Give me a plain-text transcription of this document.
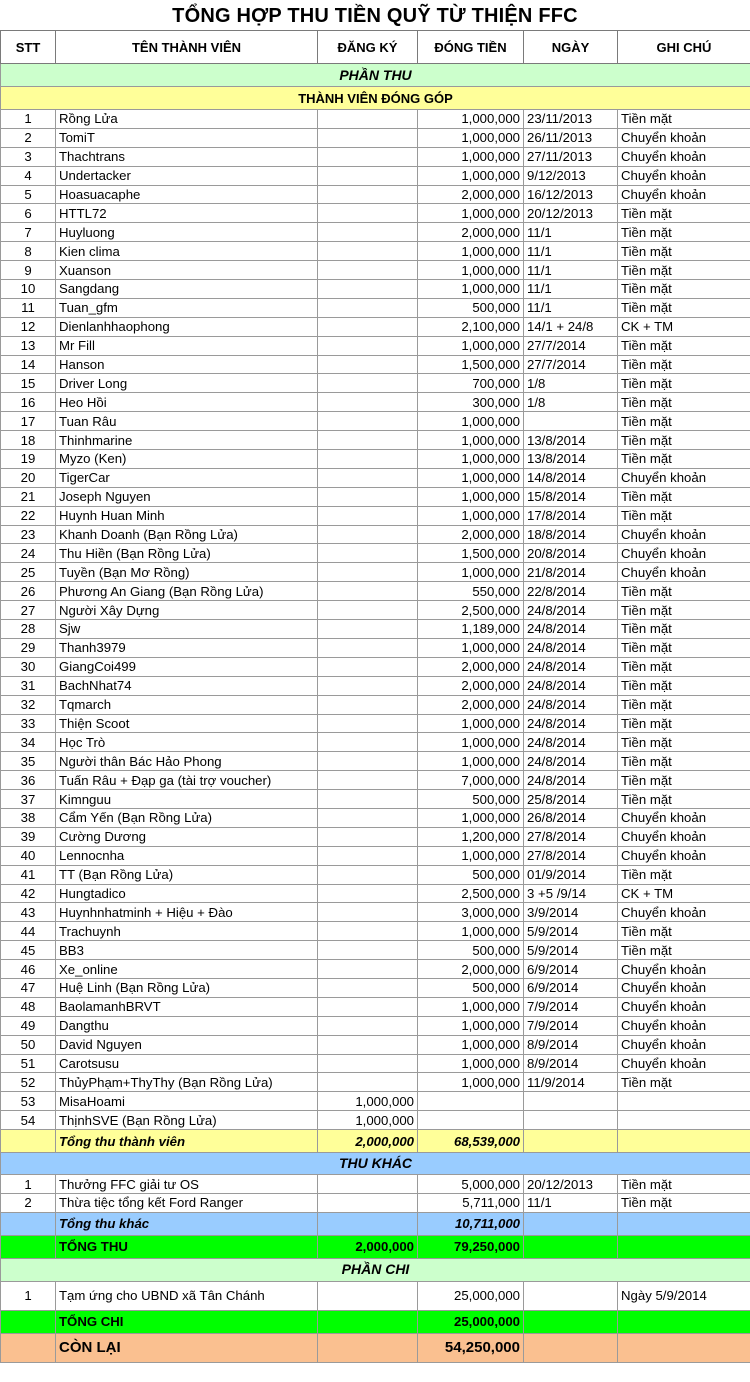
TỔNG HỢP THU TIỀN QUỸ TỪ THIỆN FFC
STT	TÊN THÀNH VIÊN	ĐĂNG KÝ	ĐÓNG TIỀN	NGÀY	GHI CHÚ
PHẦN THU					
THÀNH VIÊN ĐÓNG GÓP					
1	Rồng Lửa		1,000,000	23/11/2013	Tiền mặt
2	TomiT		1,000,000	26/11/2013	Chuyển khoản
3	Thachtrans		1,000,000	27/11/2013	Chuyển khoản
4	Undertacker		1,000,000	9/12/2013	Chuyển khoản
5	Hoasuacaphe		2,000,000	16/12/2013	Chuyển khoản
6	HTTL72		1,000,000	20/12/2013	Tiền mặt
7	Huyluong		2,000,000	11/1	Tiền mặt
8	Kien clima		1,000,000	11/1	Tiền mặt
9	Xuanson		1,000,000	11/1	Tiền mặt
10	Sangdang		1,000,000	11/1	Tiền mặt
11	Tuan_gfm		500,000	11/1	Tiền mặt
12	Dienlanhhaophong		2,100,000	14/1 + 24/8	CK + TM
13	Mr Fill		1,000,000	27/7/2014	Tiền mặt
14	Hanson		1,500,000	27/7/2014	Tiền mặt
15	Driver Long		700,000	1/8	Tiền mặt
16	Heo Hồi		300,000	1/8	Tiền mặt
17	Tuan Râu		1,000,000		Tiền mặt
18	Thinhmarine		1,000,000	13/8/2014	Tiền mặt
19	Myzo (Ken)		1,000,000	13/8/2014	Tiền mặt
20	TigerCar		1,000,000	14/8/2014	Chuyển khoản
21	Joseph Nguyen		1,000,000	15/8/2014	Tiền mặt
22	Huynh Huan Minh		1,000,000	17/8/2014	Tiền mặt
23	Khanh Doanh (Bạn Rồng Lửa)		2,000,000	18/8/2014	Chuyển khoản
24	Thu Hiền (Bạn Rồng Lửa)		1,500,000	20/8/2014	Chuyển khoản
25	Tuyền (Bạn Mơ Rồng)		1,000,000	21/8/2014	Chuyển khoản
26	Phương An Giang (Bạn Rồng Lửa)		550,000	22/8/2014	Tiền mặt
27	Người Xây Dựng		2,500,000	24/8/2014	Tiền mặt
28	Sjw		1,189,000	24/8/2014	Tiền mặt
29	Thanh3979		1,000,000	24/8/2014	Tiền mặt
30	GiangCoi499		2,000,000	24/8/2014	Tiền mặt
31	BachNhat74		2,000,000	24/8/2014	Tiền mặt
32	Tqmarch		2,000,000	24/8/2014	Tiền mặt
33	Thiện Scoot		1,000,000	24/8/2014	Tiền mặt
34	Học Trò		1,000,000	24/8/2014	Tiền mặt
35	Người thân Bác Hảo Phong		1,000,000	24/8/2014	Tiền mặt
36	Tuấn Râu + Đạp ga (tài trợ voucher)		7,000,000	24/8/2014	Tiền mặt
37	Kimnguu		500,000	25/8/2014	Tiền mặt
38	Cẩm Yến (Bạn Rồng Lửa)		1,000,000	26/8/2014	Chuyển khoản
39	Cường Dương		1,200,000	27/8/2014	Chuyển khoản
40	Lennocnha		1,000,000	27/8/2014	Chuyển khoản
41	TT (Bạn Rồng Lửa)		500,000	01/9/2014	Tiền mặt
42	Hungtadico		2,500,000	3 +5 /9/14	CK + TM
43	Huynhnhatminh + Hiệu + Đào		3,000,000	3/9/2014	Chuyển khoản
44	Trachuynh		1,000,000	5/9/2014	Tiền mặt
45	BB3		500,000	5/9/2014	Tiền mặt
46	Xe_online		2,000,000	6/9/2014	Chuyển khoản
47	Huệ Linh (Bạn Rồng Lửa)		500,000	6/9/2014	Chuyển khoản
48	BaolamanhBRVT		1,000,000	7/9/2014	Chuyển khoản
49	Dangthu		1,000,000	7/9/2014	Chuyển khoản
50	David Nguyen		1,000,000	8/9/2014	Chuyển khoản
51	Carotsusu		1,000,000	8/9/2014	Chuyển khoản
52	ThủyPhạm+ThyThy (Bạn Rồng Lửa)		1,000,000	11/9/2014	Tiền mặt
53	MisaHoami	1,000,000			
54	ThịnhSVE (Bạn Rồng Lửa)	1,000,000			
	Tổng thu thành viên	2,000,000	68,539,000		
THU KHÁC					
1	Thưởng FFC giải tư OS		5,000,000	20/12/2013	Tiền mặt
2	Thừa tiệc tổng kết Ford Ranger		5,711,000	11/1	Tiền mặt
	Tổng thu khác		10,711,000		
	TỔNG THU	2,000,000	79,250,000		
PHẦN CHI					
1	Tạm ứng cho UBND xã Tân Chánh		25,000,000		Ngày 5/9/2014
	TỔNG CHI		25,000,000		
	CÒN LẠI		54,250,000		
